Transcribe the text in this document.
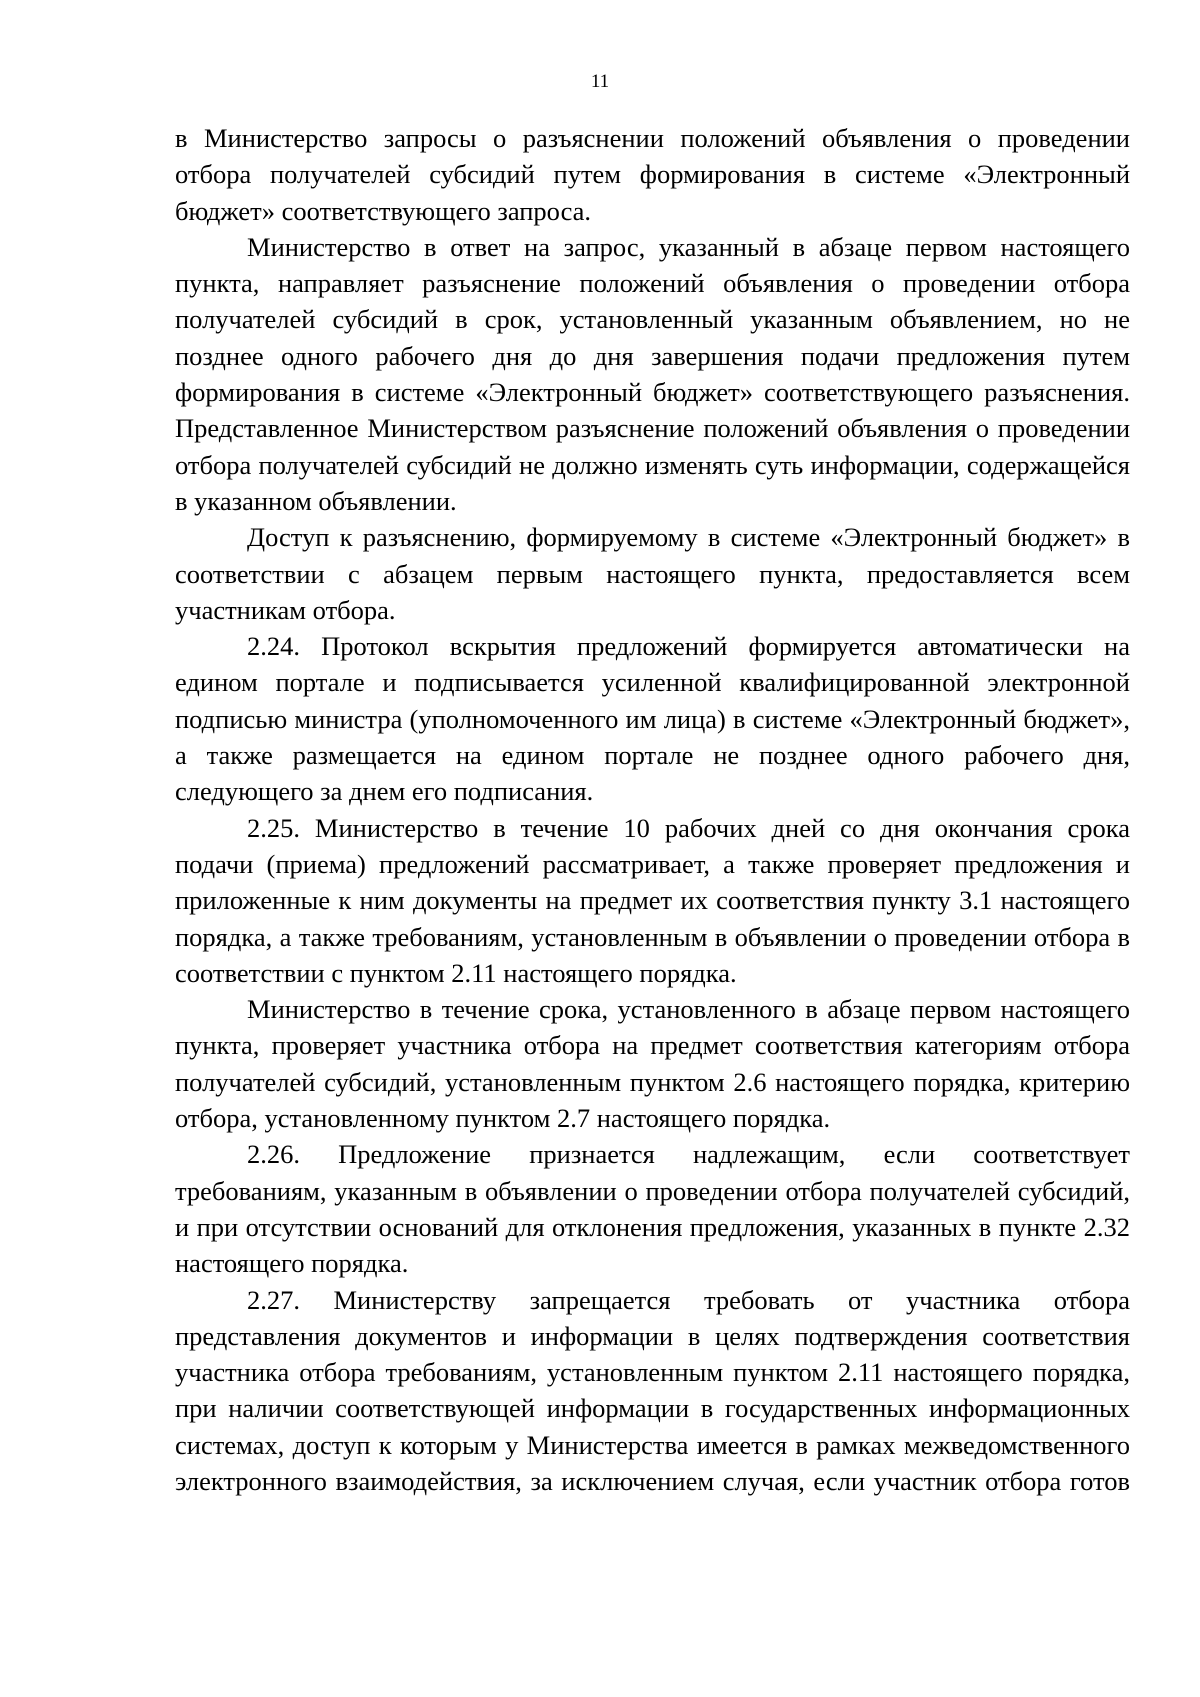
11

в Министерство запросы о разъяснении положений объявления о проведении отбора получателей субсидий путем формирования в системе «Электронный бюджет» соответствующего запроса.

Министерство в ответ на запрос, указанный в абзаце первом настоящего пункта, направляет разъяснение положений объявления о проведении отбора получателей субсидий в срок, установленный указанным объявлением, но не позднее одного рабочего дня до дня завершения подачи предложения путем формирования в системе «Электронный бюджет» соответствующего разъяснения. Представленное Министерством разъяснение положений объявления о проведении отбора получателей субсидий не должно изменять суть информации, содержащейся в указанном объявлении.

Доступ к разъяснению, формируемому в системе «Электронный бюджет» в соответствии с абзацем первым настоящего пункта, предоставляется всем участникам отбора.

2.24. Протокол вскрытия предложений формируется автоматически на едином портале и подписывается усиленной квалифицированной электронной подписью министра (уполномоченного им лица) в системе «Электронный бюджет», а также размещается на едином портале не позднее одного рабочего дня, следующего за днем его подписания.

2.25. Министерство в течение 10 рабочих дней со дня окончания срока подачи (приема) предложений рассматривает, а также проверяет предложения и приложенные к ним документы на предмет их соответствия пункту 3.1 настоящего порядка, а также требованиям, установленным в объявлении о проведении отбора в соответствии с пунктом 2.11 настоящего порядка.

Министерство в течение срока, установленного в абзаце первом настоящего пункта, проверяет участника отбора на предмет соответствия категориям отбора получателей субсидий, установленным пунктом 2.6 настоящего порядка, критерию отбора, установленному пунктом 2.7 настоящего порядка.

2.26. Предложение признается надлежащим, если соответствует требованиям, указанным в объявлении о проведении отбора получателей субсидий, и при отсутствии оснований для отклонения предложения, указанных в пункте 2.32 настоящего порядка.

2.27. Министерству запрещается требовать от участника отбора представления документов и информации в целях подтверждения соответствия участника отбора требованиям, установленным пунктом 2.11 настоящего порядка, при наличии соответствующей информации в государственных информационных системах, доступ к которым у Министерства имеется в рамках межведомственного электронного взаимодействия, за исключением случая, если участник отбора готов
